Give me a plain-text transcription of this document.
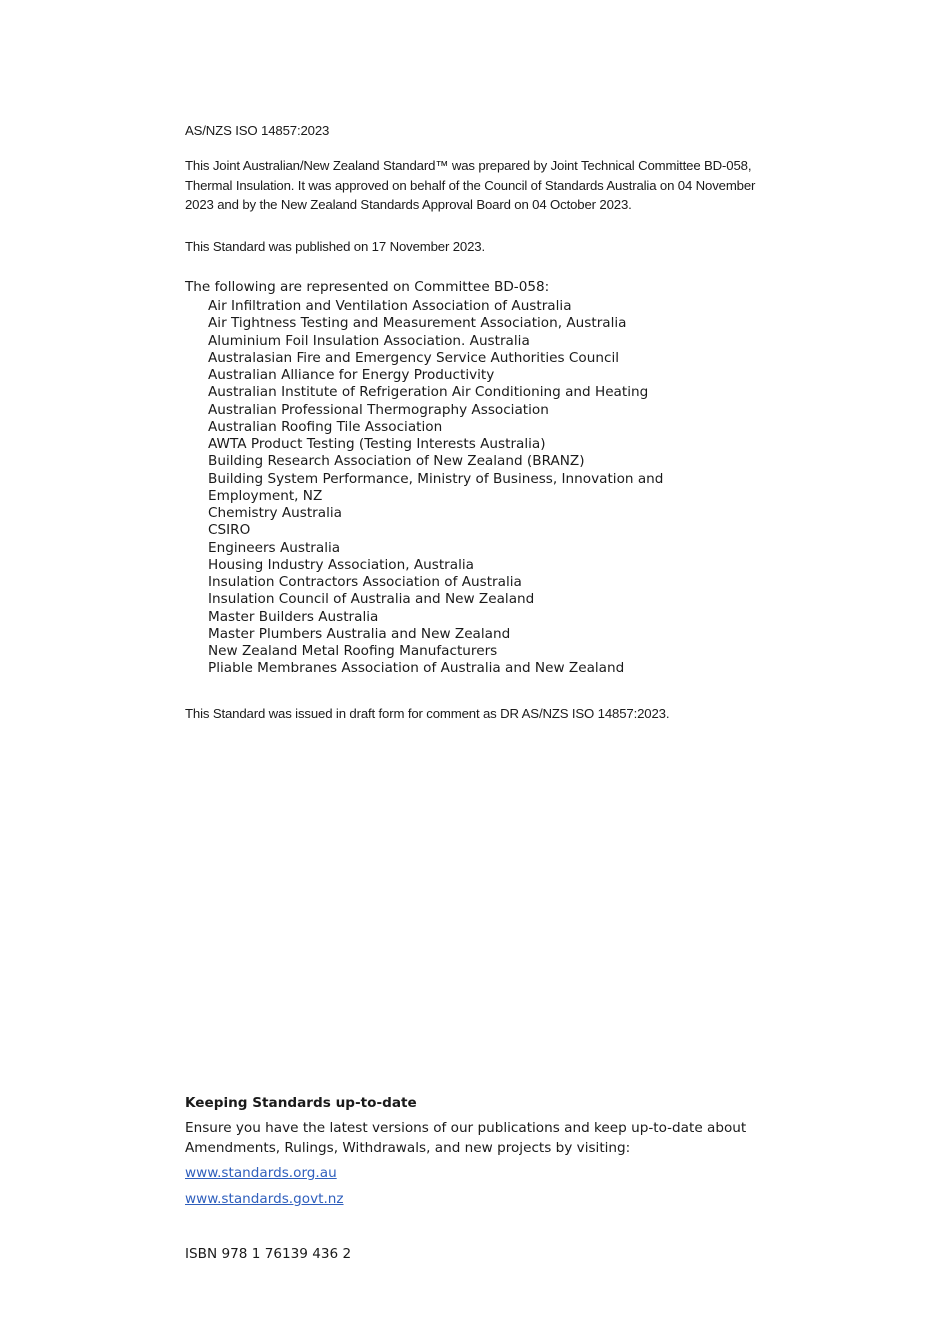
AS/NZS ISO 14857:2023

This Joint Australian/New Zealand Standard™ was prepared by Joint Technical Committee BD-058, Thermal Insulation. It was approved on behalf of the Council of Standards Australia on 04 November 2023 and by the New Zealand Standards Approval Board on 04 October 2023.

This Standard was published on 17 November 2023.

The following are represented on Committee BD-058:
Air Infiltration and Ventilation Association of Australia
Air Tightness Testing and Measurement Association, Australia
Aluminium Foil Insulation Association. Australia
Australasian Fire and Emergency Service Authorities Council
Australian Alliance for Energy Productivity
Australian Institute of Refrigeration Air Conditioning and Heating
Australian Professional Thermography Association
Australian Roofing Tile Association
AWTA Product Testing (Testing Interests Australia)
Building Research Association of New Zealand (BRANZ)
Building System Performance, Ministry of Business, Innovation and Employment, NZ
Chemistry Australia
CSIRO
Engineers Australia
Housing Industry Association, Australia
Insulation Contractors Association of Australia
Insulation Council of Australia and New Zealand
Master Builders Australia
Master Plumbers Australia and New Zealand
New Zealand Metal Roofing Manufacturers
Pliable Membranes Association of Australia and New Zealand

This Standard was issued in draft form for comment as DR AS/NZS ISO 14857:2023.

Keeping Standards up-to-date

Ensure you have the latest versions of our publications and keep up-to-date about Amendments, Rulings, Withdrawals, and new projects by visiting:

www.standards.org.au
www.standards.govt.nz
ISBN 978 1 76139 436 2
